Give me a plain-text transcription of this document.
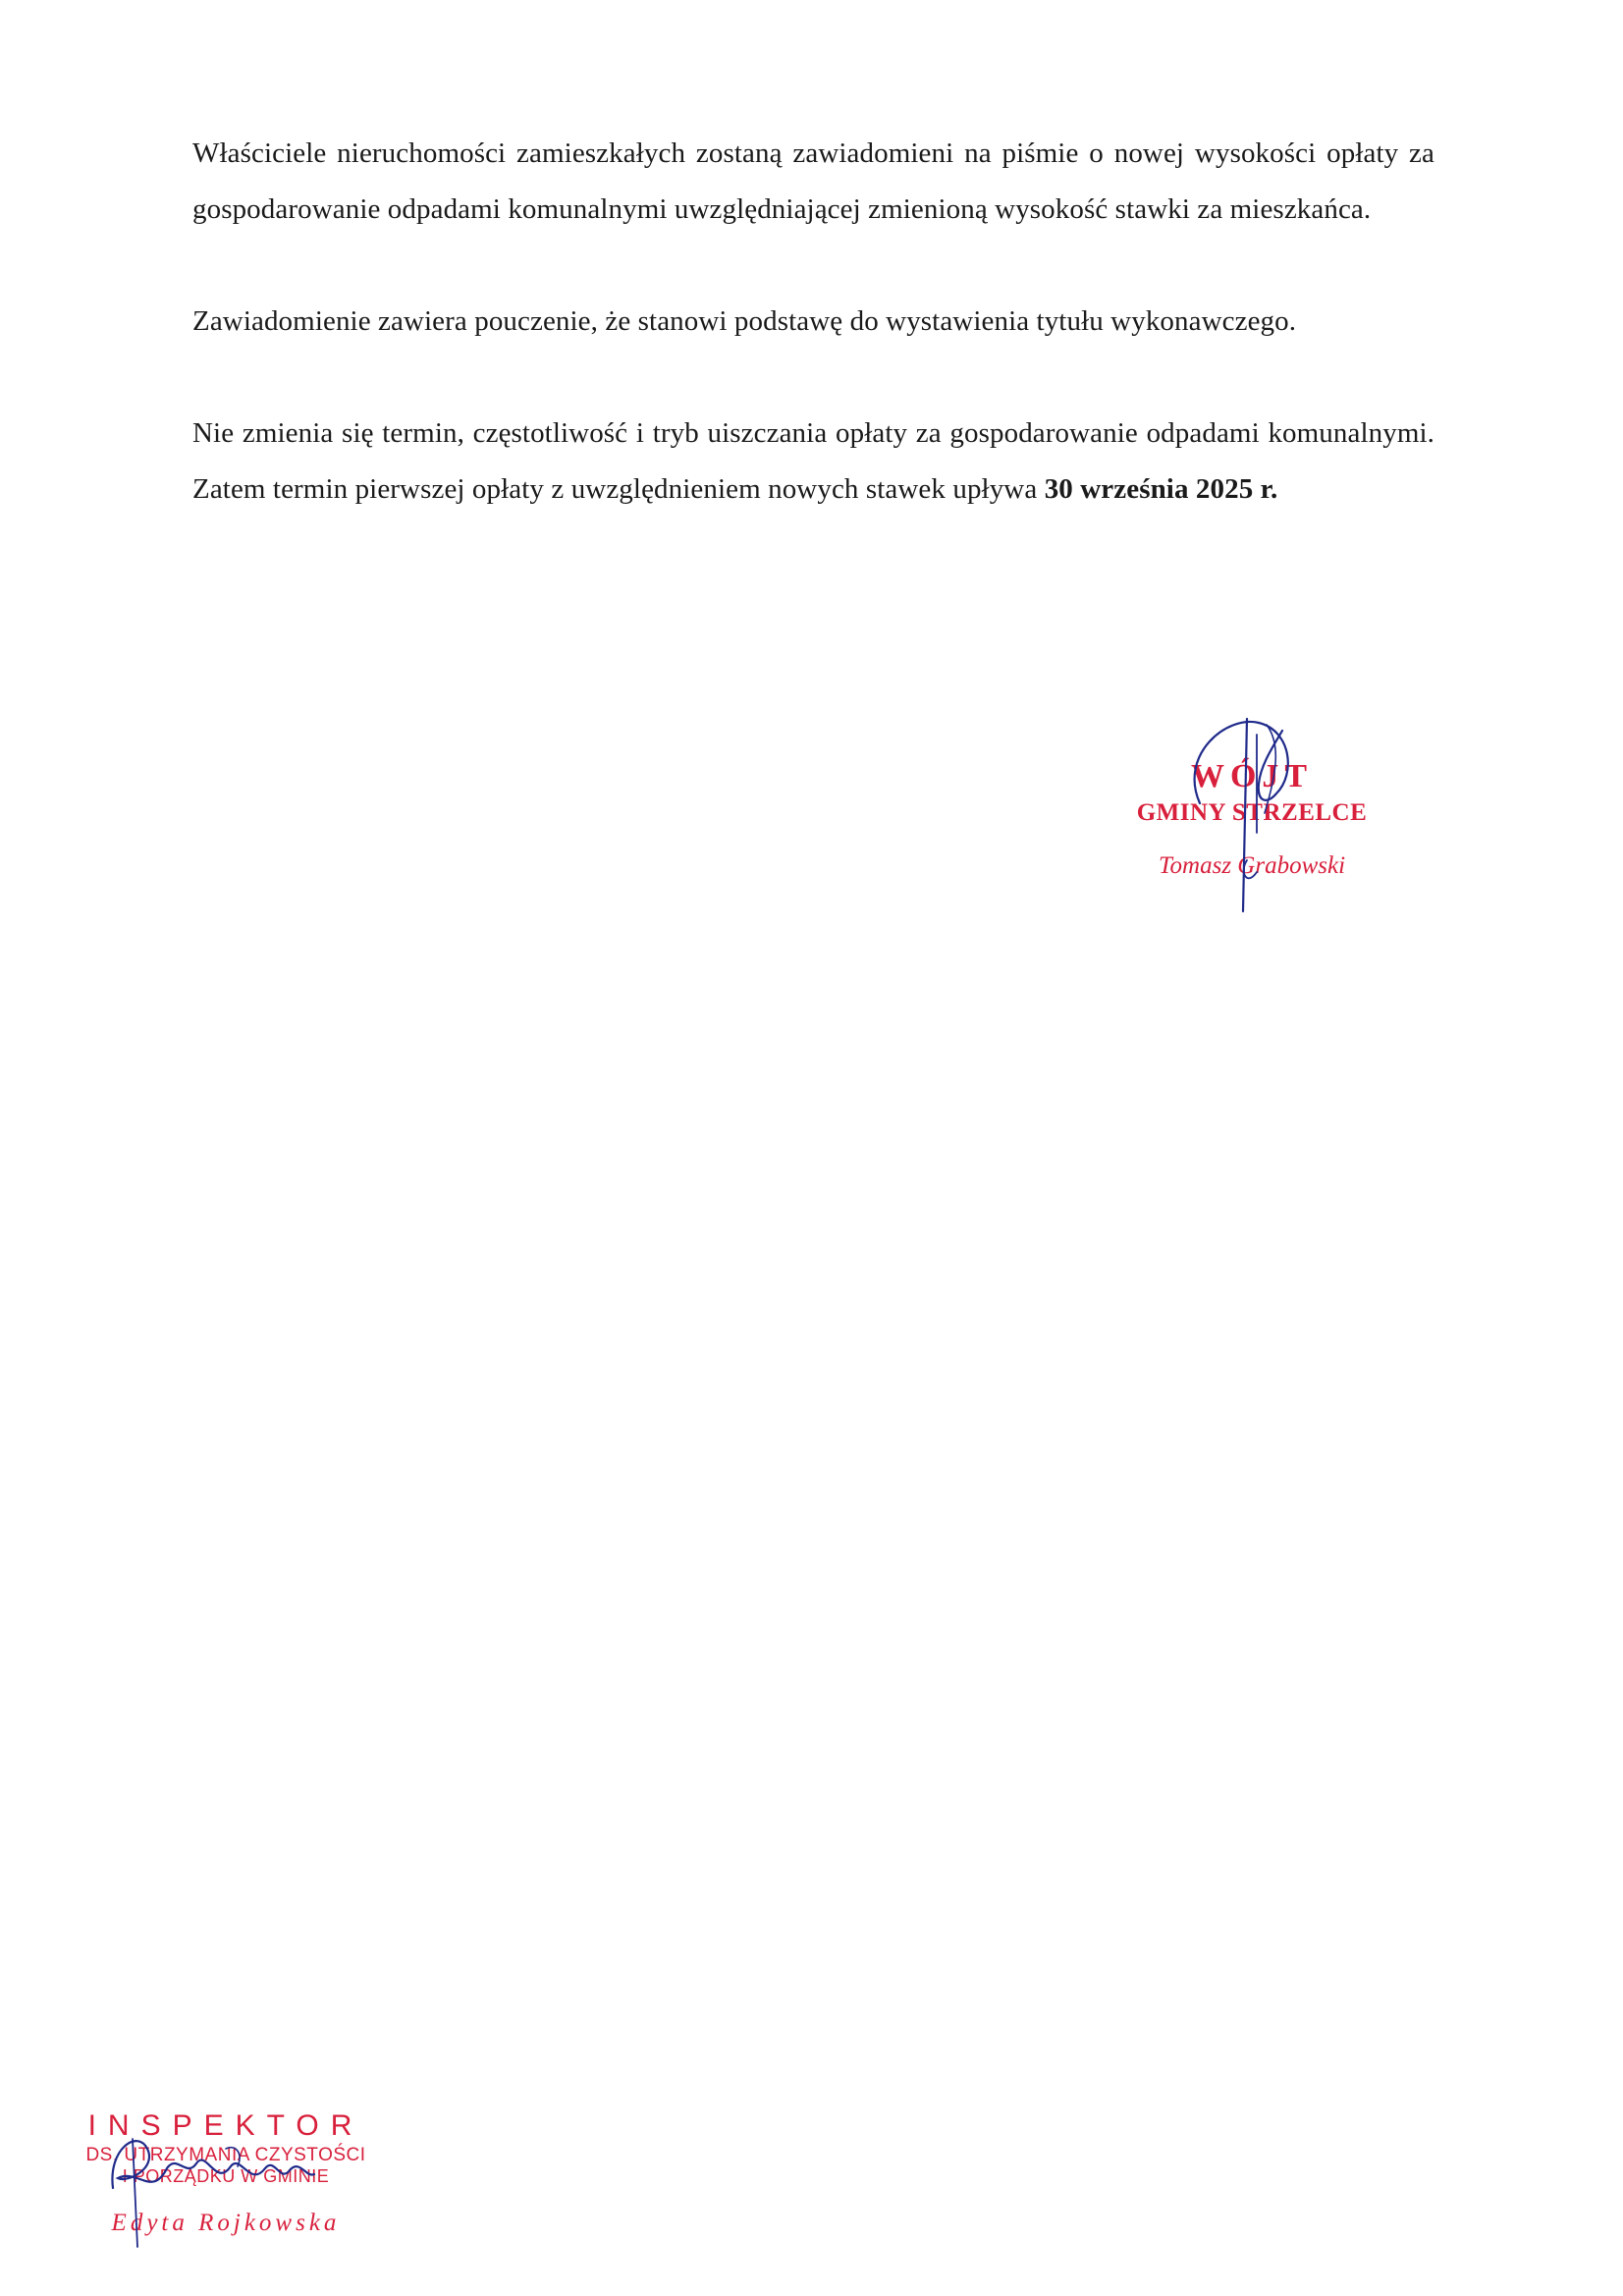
Właściciele nieruchomości zamieszkałych zostaną zawiadomieni na piśmie o nowej wysokości opłaty za gospodarowanie odpadami komunalnymi uwzględniającej zmienioną wysokość stawki za mieszkańca.

Zawiadomienie zawiera pouczenie, że stanowi podstawę do wystawienia tytułu wykonawczego.

Nie zmienia się termin, częstotliwość i tryb uiszczania opłaty za gospodarowanie odpadami komunalnymi. Zatem termin pierwszej opłaty z uwzględnieniem nowych stawek upływa 30 września 2025 r.

WÓJT
GMINY STRZELCE
Tomasz Grabowski
INSPEKTOR
DS. UTRZYMANIA CZYSTOŚCI
I PORZĄDKU W GMINIE
Edyta Rojkowska
